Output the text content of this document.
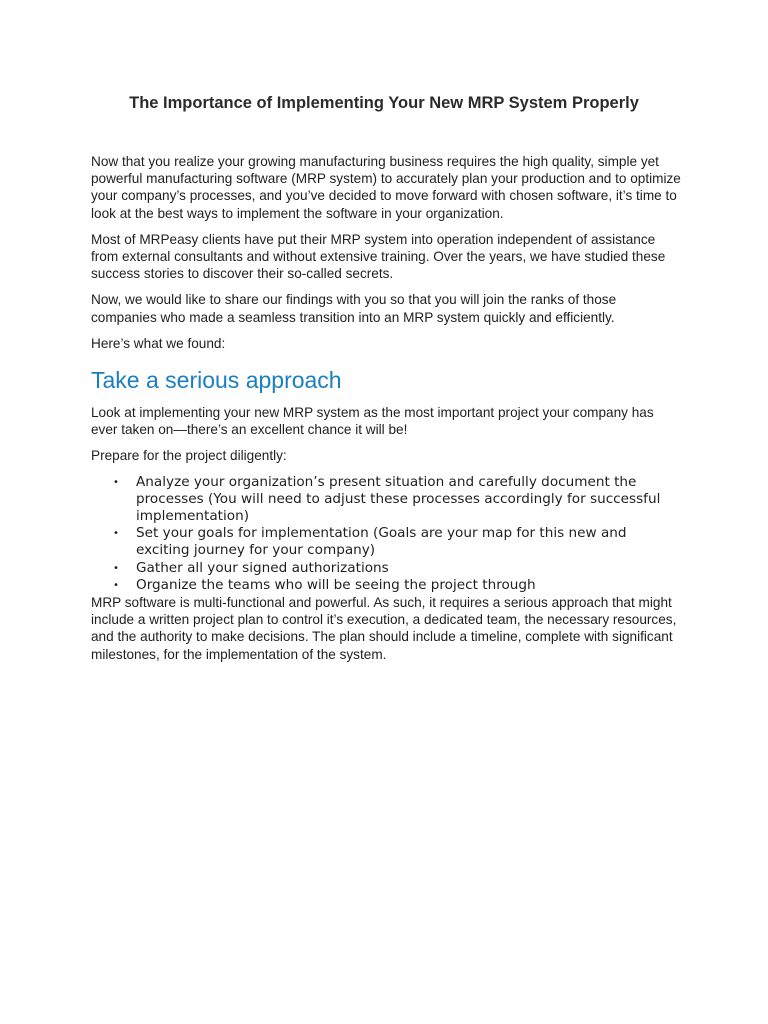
The Importance of Implementing Your New MRP System Properly

Now that you realize your growing manufacturing business requires the high quality, simple yet powerful manufacturing software (MRP system) to accurately plan your production and to optimize your company’s processes, and you’ve decided to move forward with chosen software, it’s time to look at the best ways to implement the software in your organization.

Most of MRPeasy clients have put their MRP system into operation independent of assistance from external consultants and without extensive training. Over the years, we have studied these success stories to discover their so-called secrets.

Now, we would like to share our findings with you so that you will join the ranks of those companies who made a seamless transition into an MRP system quickly and efficiently.

Here’s what we found:

Take a serious approach

Look at implementing your new MRP system as the most important project your company has ever taken on—there’s an excellent chance it will be!

Prepare for the project diligently:

• Analyze your organization’s present situation and carefully document the processes (You will need to adjust these processes accordingly for successful implementation)
• Set your goals for implementation (Goals are your map for this new and exciting journey for your company)
• Gather all your signed authorizations
• Organize the teams who will be seeing the project through

MRP software is multi-functional and powerful. As such, it requires a serious approach that might include a written project plan to control it’s execution, a dedicated team, the necessary resources, and the authority to make decisions. The plan should include a timeline, complete with significant milestones, for the implementation of the system.
